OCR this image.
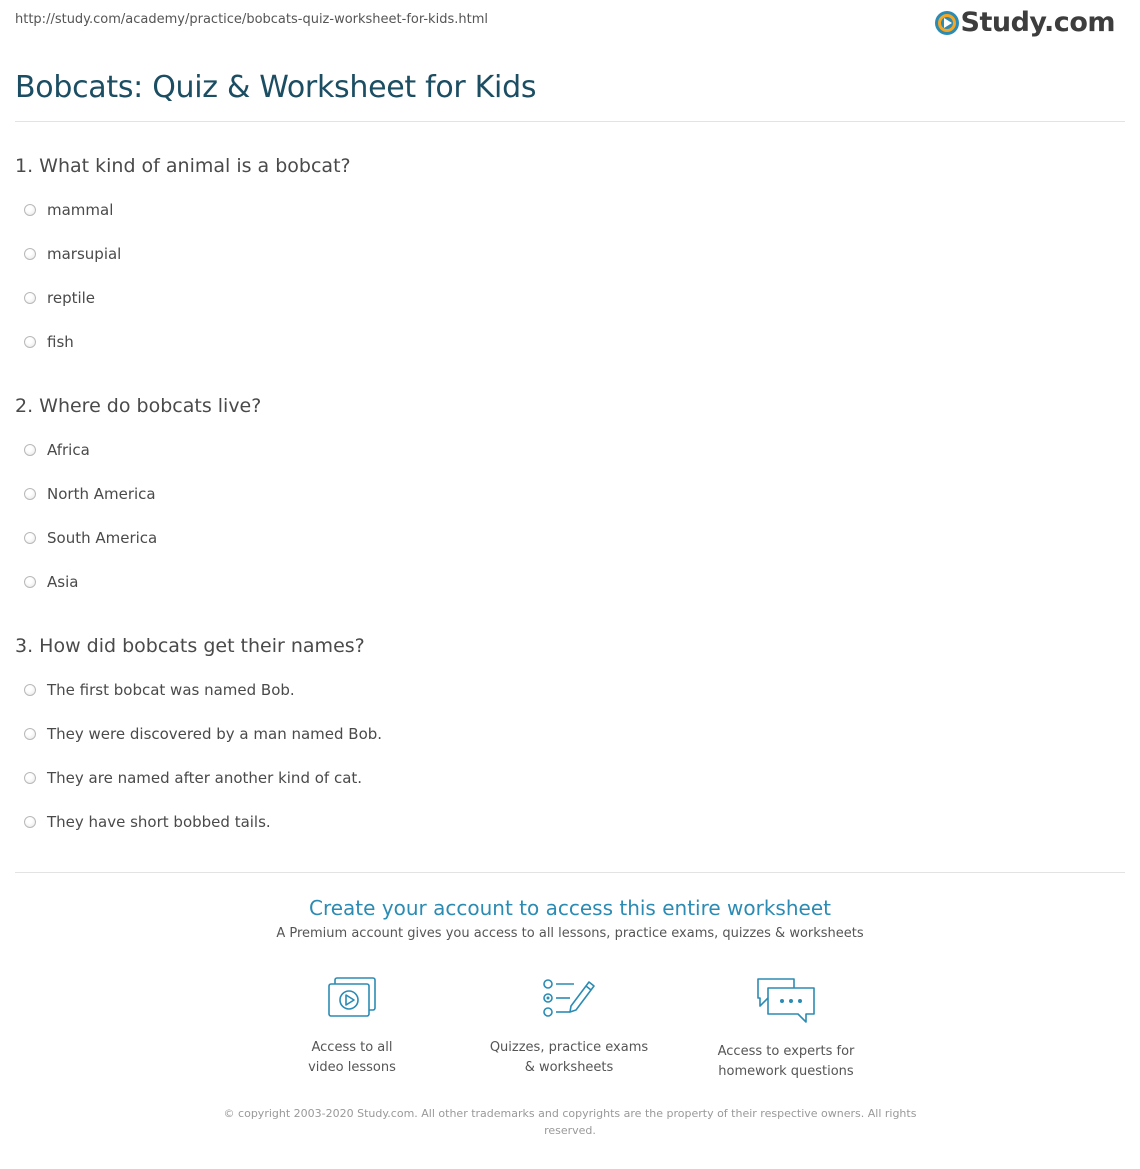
http://study.com/academy/practice/bobcats-quiz-worksheet-for-kids.html	Study.com
Bobcats: Quiz & Worksheet for Kids
1. What kind of animal is a bobcat?
mammal
marsupial
reptile
fish
2. Where do bobcats live?
Africa
North America
South America
Asia
3. How did bobcats get their names?
The first bobcat was named Bob.
They were discovered by a man named Bob.
They are named after another kind of cat.
They have short bobbed tails.
Create your account to access this entire worksheet
A Premium account gives you access to all lessons, practice exams, quizzes & worksheets
Access to all
video lessons
Quizzes, practice exams
& worksheets
Access to experts for
homework questions
© copyright 2003-2020 Study.com. All other trademarks and copyrights are the property of their respective owners. All rights reserved.
